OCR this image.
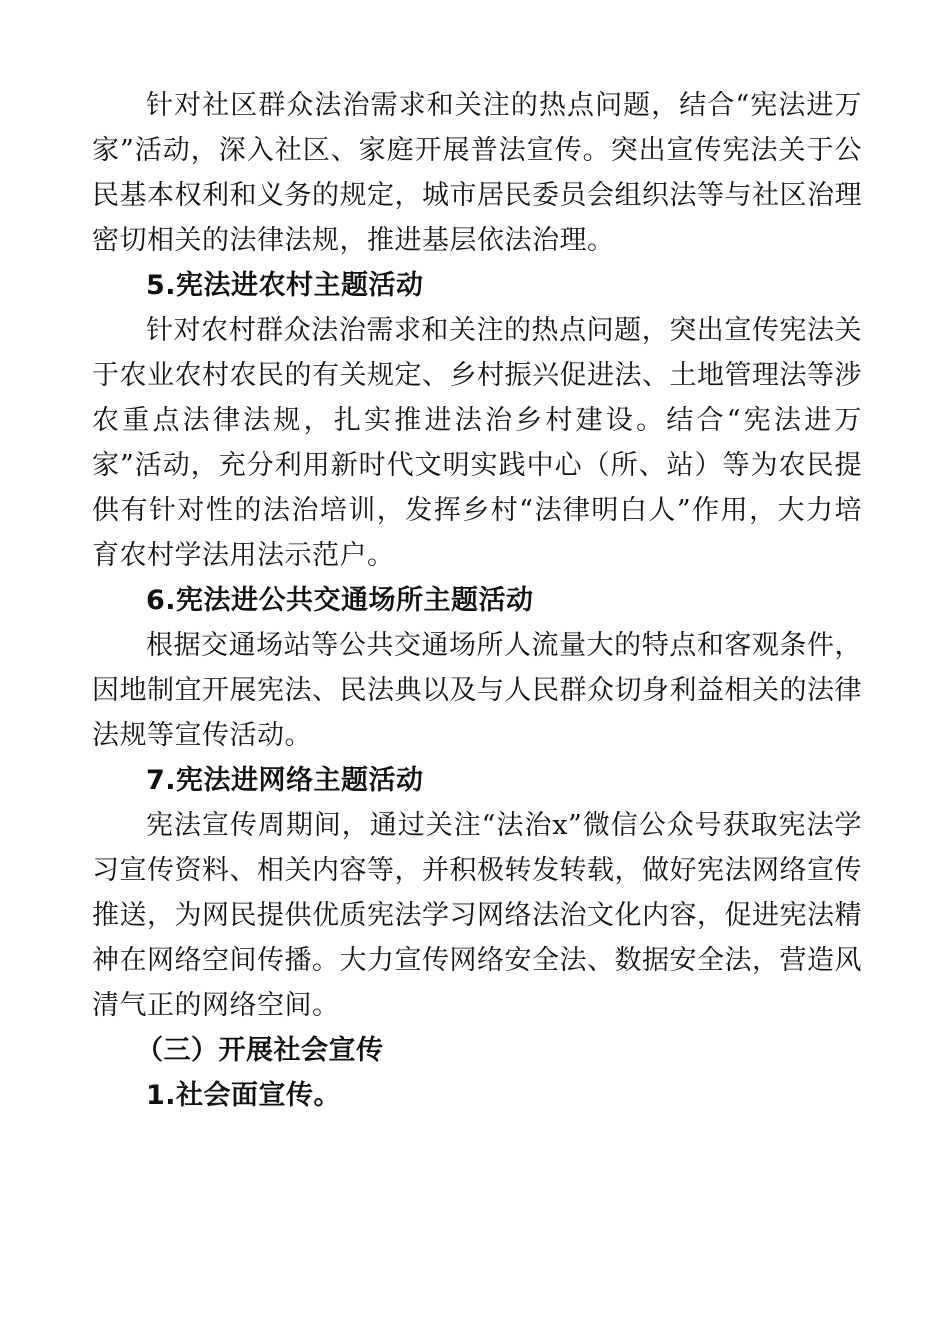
针对社区群众法治需求和关注的热点问题，结合“宪法进万家”活动，深入社区、家庭开展普法宣传。突出宣传宪法关于公民基本权利和义务的规定，城市居民委员会组织法等与社区治理密切相关的法律法规，推进基层依法治理。

5.宪法进农村主题活动

针对农村群众法治需求和关注的热点问题，突出宣传宪法关于农业农村农民的有关规定、乡村振兴促进法、土地管理法等涉农重点法律法规，扎实推进法治乡村建设。结合“宪法进万家”活动，充分利用新时代文明实践中心（所、站）等为农民提供有针对性的法治培训，发挥乡村“法律明白人”作用，大力培育农村学法用法示范户。

6.宪法进公共交通场所主题活动

根据交通场站等公共交通场所人流量大的特点和客观条件，因地制宜开展宪法、民法典以及与人民群众切身利益相关的法律法规等宣传活动。

7.宪法进网络主题活动

宪法宣传周期间，通过关注“法治x”微信公众号获取宪法学习宣传资料、相关内容等，并积极转发转载，做好宪法网络宣传推送，为网民提供优质宪法学习网络法治文化内容，促进宪法精神在网络空间传播。大力宣传网络安全法、数据安全法，营造风清气正的网络空间。

（三）开展社会宣传

1.社会面宣传。
